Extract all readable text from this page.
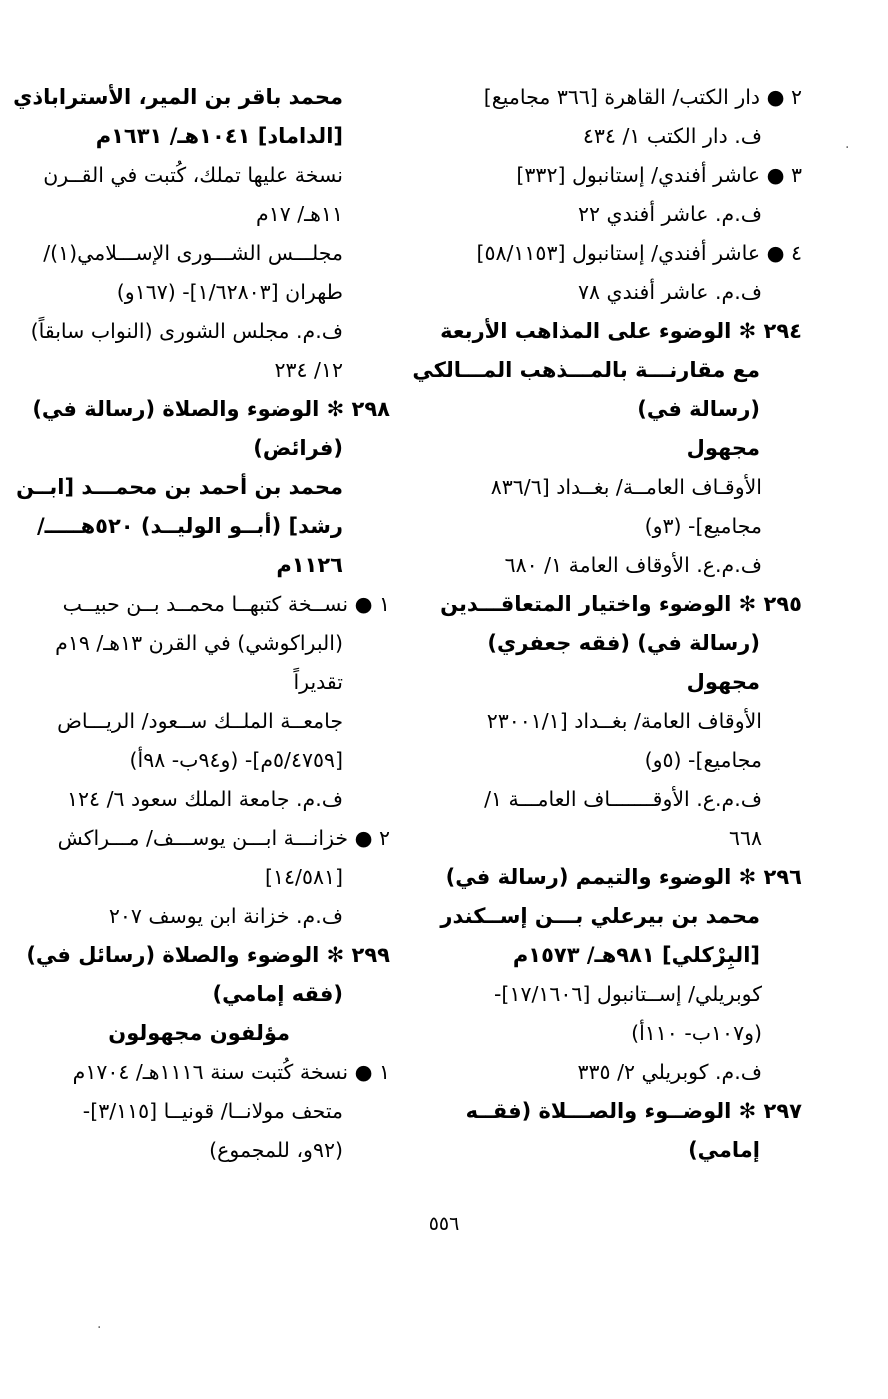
٢ ● دار الكتب/ القاهرة [٣٦٦ مجاميع]
ف. دار الكتب ١/ ٤٣٤
٣ ● عاشر أفندي/ إستانبول [٣٣٢]
ف.م. عاشر أفندي ٢٢
٤ ● عاشر أفندي/ إستانبول [٥٨/١١٥٣]
ف.م. عاشر أفندي ٧٨
٢٩٤ ✻ الوضوء على المذاهب الأربعة
مع مقارنـــة بالمـــذهب المـــالكي
(رسالة في)
مجهول
الأوقـاف العامــة/ بغــداد [٨٣٦/٦
مجاميع]- (٣و)
ف.م.ع. الأوقاف العامة ١/ ٦٨٠
٢٩٥ ✻ الوضوء واختيار المتعاقـــدين
(رسالة في) (فقه جعفري)
مجهول
الأوقاف العامة/ بغــداد [٢٣٠٠١/١
مجاميع]- (٥و)
ف.م.ع. الأوقـــــــاف العامـــة ١/
٦٦٨
٢٩٦ ✻ الوضوء والتيمم (رسالة في)
محمد بن بيرعلي بـــن إســكندر
[البِرْكلي] ٩٨١هـ/ ١٥٧٣م
كوبريلي/ إســتانبول [١٧/١٦٠٦]-
(و١٠٧ب- ١١٠أ)
ف.م. كوبريلي ٢/ ٣٣٥
٢٩٧ ✻ الوضــوء والصـــلاة (فقــه
إمامي)
محمد باقر بن المير، الأستراباذي
[الداماد] ١٠٤١هـ/ ١٦٣١م
نسخة عليها تملك، كُتبت في القــرن
١١هـ/ ١٧م
مجلـــس الشـــورى الإســـلامي(١)/
طهران [١/٦٢٨٠٣]- (١٦٧و)
ف.م. مجلس الشورى (النواب سابقاً)
١٢/ ٢٣٤
٢٩٨ ✻ الوضوء والصلاة (رسالة في)
(فرائض)
محمد بن أحمد بن محمـــد [ابــن
رشد] (أبــو الوليــد) ٥٢٠هـــــ/
١١٢٦م
١ ● نســخة كتبهــا محمــد بــن حبيــب
(البراكوشي) في القرن ١٣هـ/ ١٩م
تقديراً
جامعــة الملــك ســعود/ الريـــاض
[٥/٤٧٥٩م]- (و٩٤ب- ٩٨أ)
ف.م. جامعة الملك سعود ٦/ ١٢٤
٢ ● خزانـــة ابـــن يوســـف/ مـــراكش
[١٤/٥٨١]
ف.م. خزانة ابن يوسف ٢٠٧
٢٩٩ ✻ الوضوء والصلاة (رسائل في)
(فقه إمامي)
مؤلفون مجهولون
١ ● نسخة كُتبت سنة ١١١٦هـ/ ١٧٠٤م
متحف مولانــا/ قونيــا [٣/١١٥]-
(٩٢و، للمجموع)
٥٥٦
·
·
